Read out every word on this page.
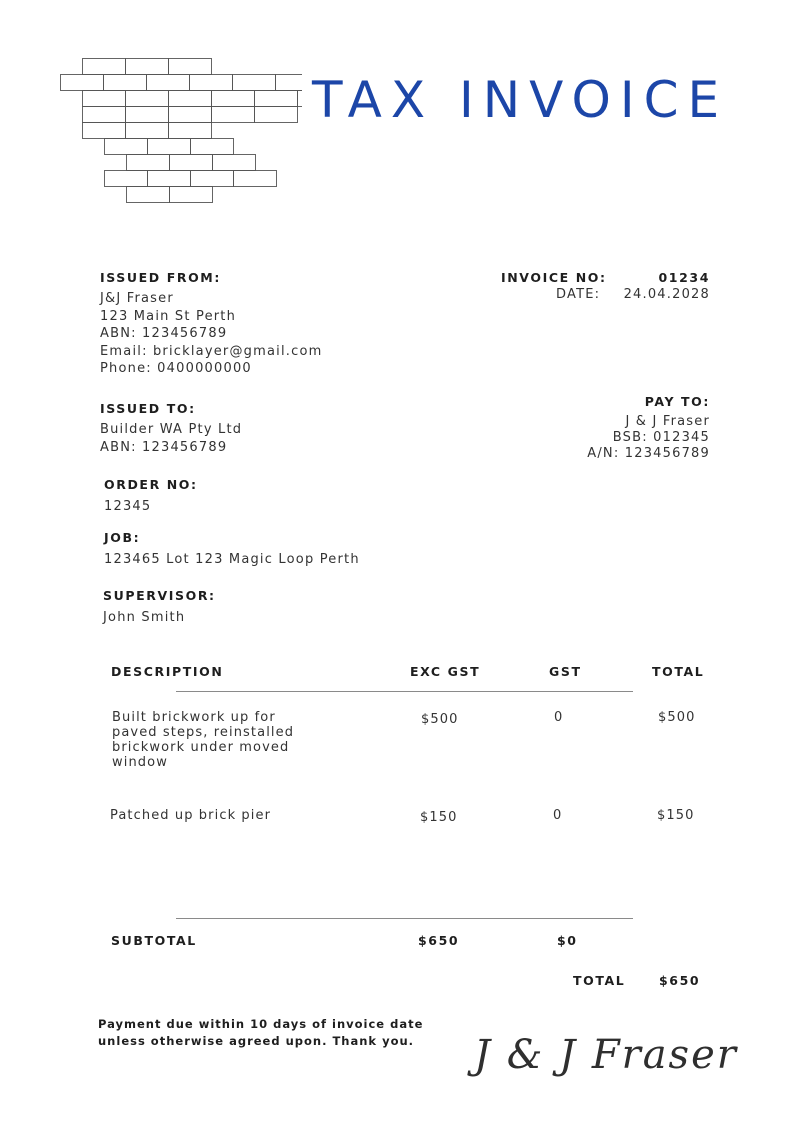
TAX INVOICE
ISSUED FROM:
J&J Fraser
123 Main St Perth
ABN: 123456789
Email: bricklayer@gmail.com
Phone: 0400000000
INVOICE NO:	01234
DATE: 24.04.2028
ISSUED TO:
Builder WA Pty Ltd
ABN: 123456789
PAY TO:
J & J Fraser
BSB: 012345
A/N: 123456789
ORDER NO:
12345
JOB:
123465 Lot 123 Magic Loop Perth
SUPERVISOR:
John Smith
DESCRIPTION	EXC GST	GST	TOTAL
Built brickwork up for
paved steps, reinstalled
brickwork under moved
window
$500	0	$500
Patched up brick pier	$150	0	$150
SUBTOTAL	$650	$0
TOTAL	$650
Payment due within 10 days of invoice date
unless otherwise agreed upon. Thank you. J & J Fraser
